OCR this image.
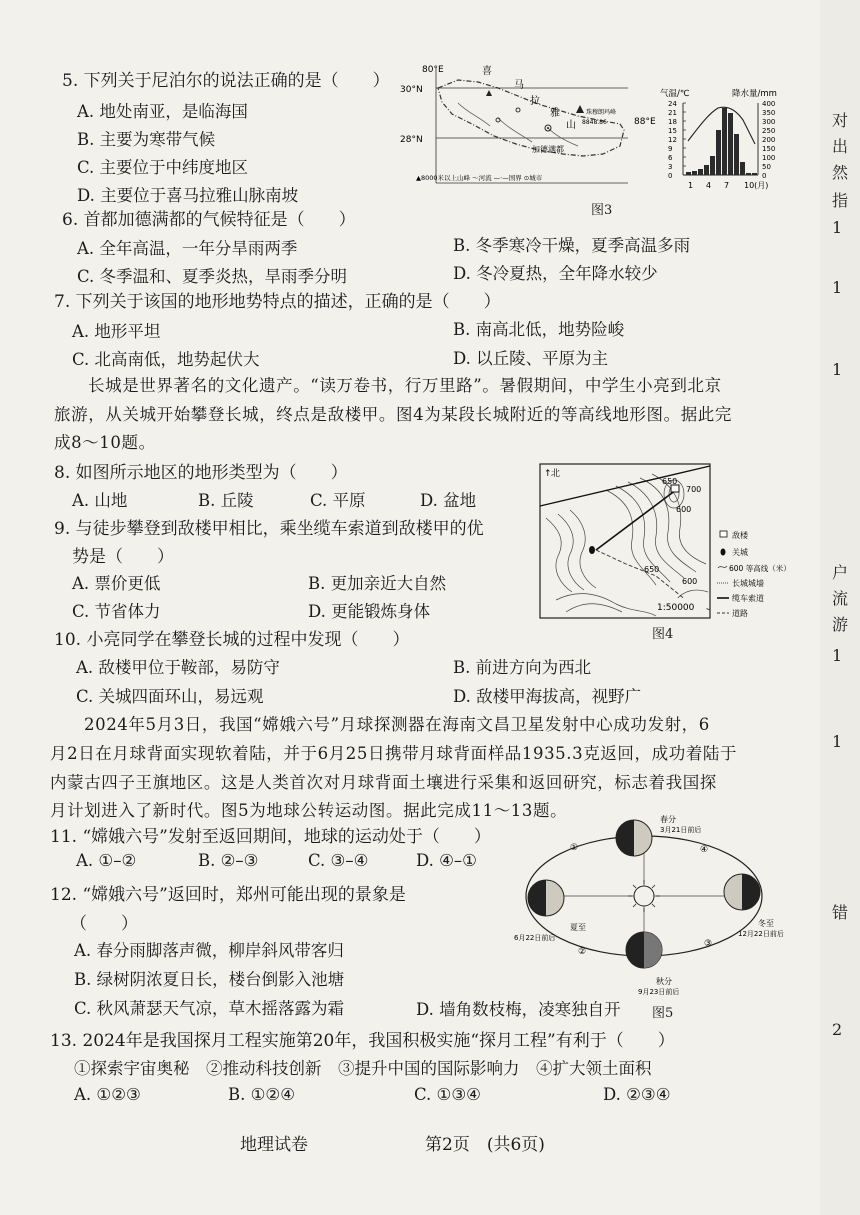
5. 下列关于尼泊尔的说法正确的是（　　）
A. 地处南亚，是临海国
B. 主要为寒带气候
C. 主要位于中纬度地区
D. 主要位于喜马拉雅山脉南坡
80°E
30°N
28°N
88°E
喜
马
拉
雅
山
珠穆朗玛峰
8848.86
加德满都
▲8000米以上山峰 ～河流 —·—国界 ⊙城市
气温/℃	降水量/mm
24
21
18
15
12
9
6
3
0
400
350
300
250
200
150
100
50
0
1 4 7 10(月)
图3
6. 首都加德满都的气候特征是（　　）
A. 全年高温，一年分旱雨两季	B. 冬季寒冷干燥，夏季高温多雨
C. 冬季温和、夏季炎热，旱雨季分明	D. 冬冷夏热，全年降水较少
7. 下列关于该国的地形地势特点的描述，正确的是（　　）
A. 地形平坦	B. 南高北低，地势险峻
C. 北高南低，地势起伏大	D. 以丘陵、平原为主
长城是世界著名的文化遗产。“读万卷书，行万里路”。暑假期间，中学生小亮到北京
旅游，从关城开始攀登长城，终点是敌楼甲。图4为某段长城附近的等高线地形图。据此完
成8～10题。
8. 如图所示地区的地形类型为（　　）
A. 山地	B. 丘陵	C. 平原	D. 盆地
↑ 北
600
650
700
650
600
1:50000
敌楼
关城
600 等高线（米）
长城城墙
缆车索道
道路
图4
9. 与徒步攀登到敌楼甲相比，乘坐缆车索道到敌楼甲的优
势是（　　）
A. 票价更低	B. 更加亲近大自然
C. 节省体力	D. 更能锻炼身体
10. 小亮同学在攀登长城的过程中发现（　　）
A. 敌楼甲位于鞍部，易防守	B. 前进方向为西北
C. 关城四面环山，易远观	D. 敌楼甲海拔高，视野广
2024年5月3日，我国“嫦娥六号”月球探测器在海南文昌卫星发射中心成功发射，6
月2日在月球背面实现软着陆，并于6月25日携带月球背面样品1935.3克返回，成功着陆于
内蒙古四子王旗地区。这是人类首次对月球背面土壤进行采集和返回研究，标志着我国探
月计划进入了新时代。图5为地球公转运动图。据此完成11～13题。
11. “嫦娥六号”发射至返回期间，地球的运动处于（　　）
A. ①–②	B. ②–③	C. ③–④	D. ④–①
春分
3月21日前后
夏至
6月22日前后
秋分
9月23日前后
冬至
12月22日前后
①
②
③
④
图5
12. “嫦娥六号”返回时，郑州可能出现的景象是
（　　）
A. 春分雨脚落声微，柳岸斜风带客归
B. 绿树阴浓夏日长，楼台倒影入池塘
C. 秋风萧瑟天气凉，草木摇落露为霜	D. 墙角数枝梅，凌寒独自开
13. 2024年是我国探月工程实施第20年，我国积极实施“探月工程”有利于（　　）
①探索宇宙奥秘　②推动科技创新　③提升中国的国际影响力　④扩大领土面积
A. ①②③	B. ①②④	C. ①③④	D. ②③④
地理试卷	第2页　(共6页)
对
出
然
指
1
1
1
户
流
游
1
1
错
2
